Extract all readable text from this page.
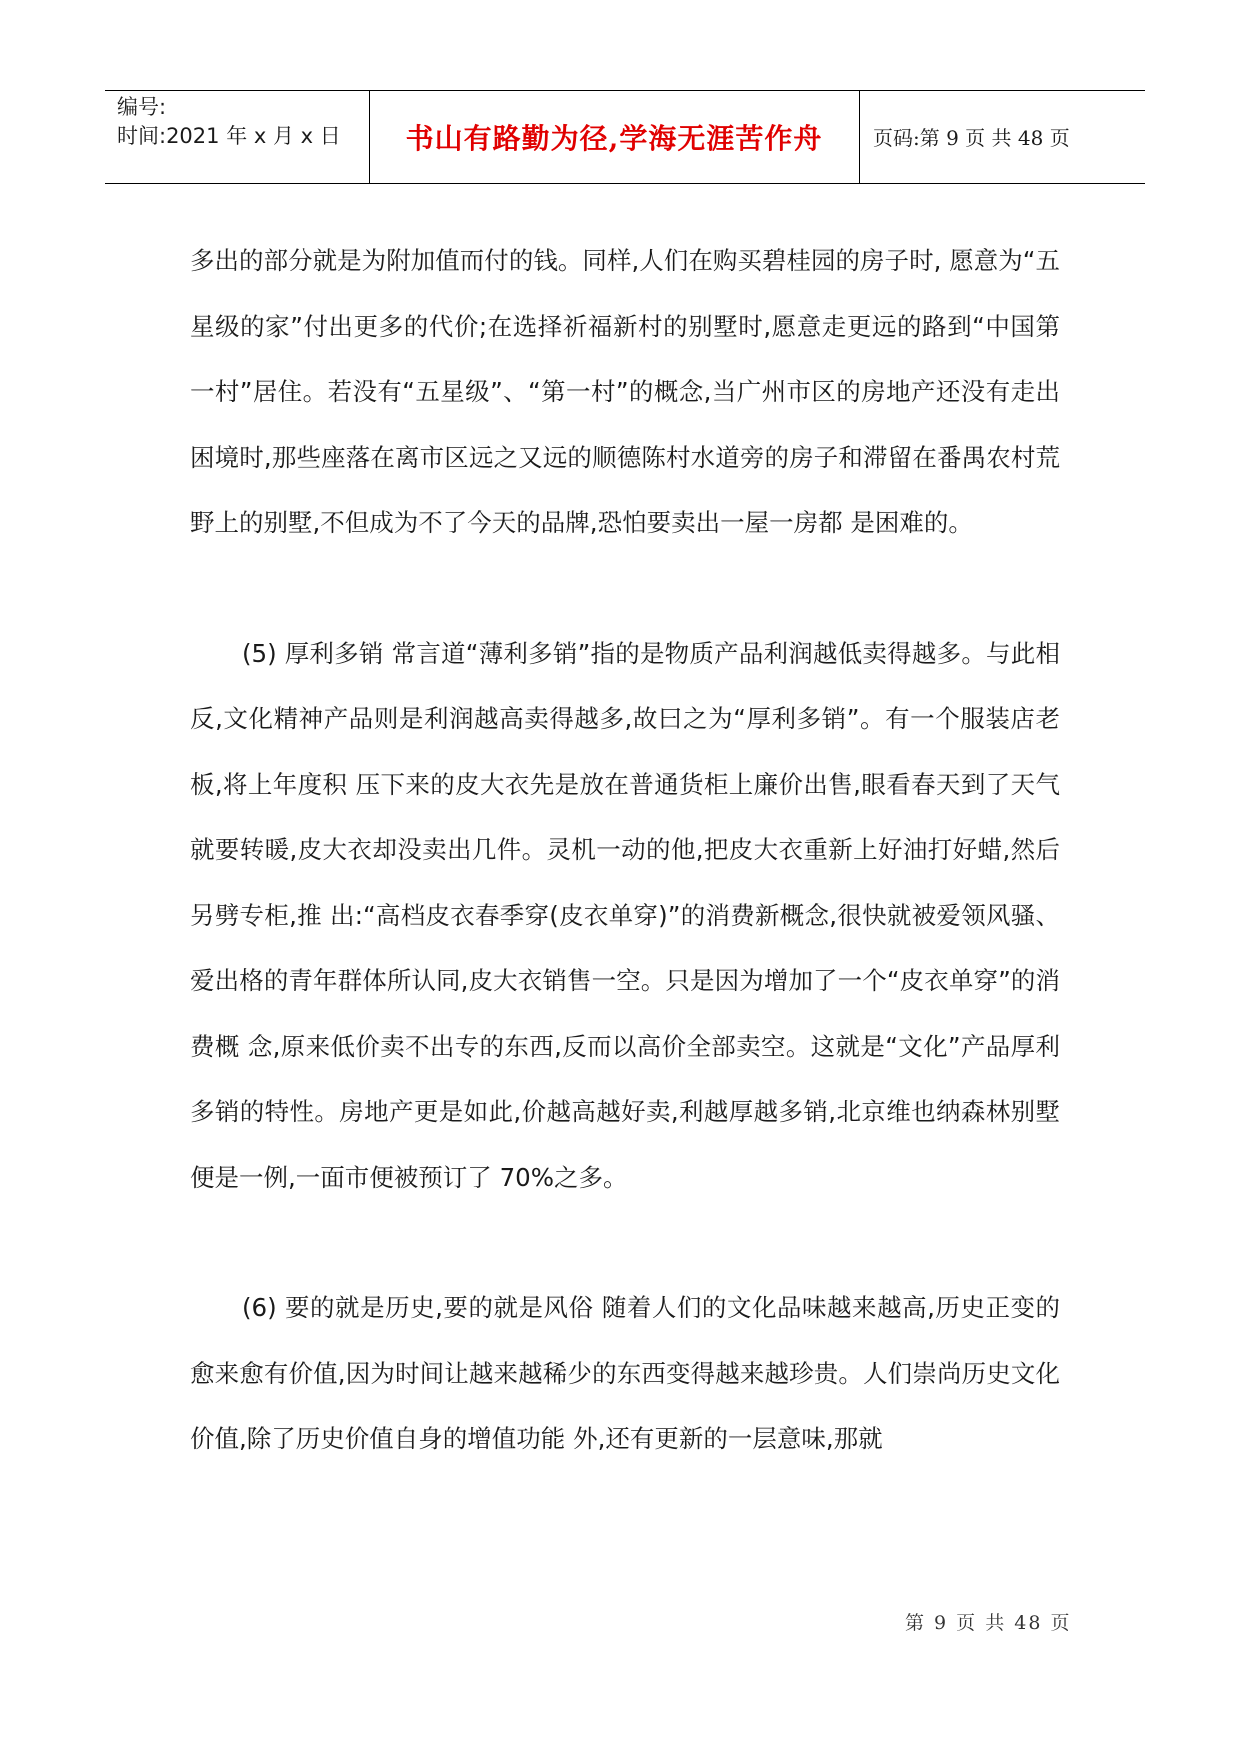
编号:
时间:2021 年 x 月 x 日	书山有路勤为径,学海无涯苦作舟	页码:第 9 页 共 48 页

多出的部分就是为附加值而付的钱。同样,人们在购买碧桂园的房子时, 愿意为“五星级的家”付出更多的代价;在选择祈福新村的别墅时,愿意走更远的路到“中国第一村”居住。若没有“五星级”、“第一村”的概念,当广州市区的房地产还没有走出困境时,那些座落在离市区远之又远的顺德陈村水道旁的房子和滞留在番禺农村荒野上的别墅,不但成为不了今天的品牌,恐怕要卖出一屋一房都 是困难的。

(5) 厚利多销 常言道“薄利多销”指的是物质产品利润越低卖得越多。与此相反,文化精神产品则是利润越高卖得越多,故曰之为“厚利多销”。有一个服装店老板,将上年度积 压下来的皮大衣先是放在普通货柜上廉价出售,眼看春天到了天气就要转暖,皮大衣却没卖出几件。灵机一动的他,把皮大衣重新上好油打好蜡,然后另劈专柜,推 出:“高档皮衣春季穿(皮衣单穿)”的消费新概念,很快就被爱领风骚、爱出格的青年群体所认同,皮大衣销售一空。只是因为增加了一个“皮衣单穿”的消费概 念,原来低价卖不出专的东西,反而以高价全部卖空。这就是“文化”产品厚利多销的特性。房地产更是如此,价越高越好卖,利越厚越多销,北京维也纳森林别墅 便是一例,一面市便被预订了 70%之多。

(6) 要的就是历史,要的就是风俗 随着人们的文化品味越来越高,历史正变的愈来愈有价值,因为时间让越来越稀少的东西变得越来越珍贵。人们崇尚历史文化价值,除了历史价值自身的增值功能 外,还有更新的一层意味,那就

第 9 页 共 48 页
